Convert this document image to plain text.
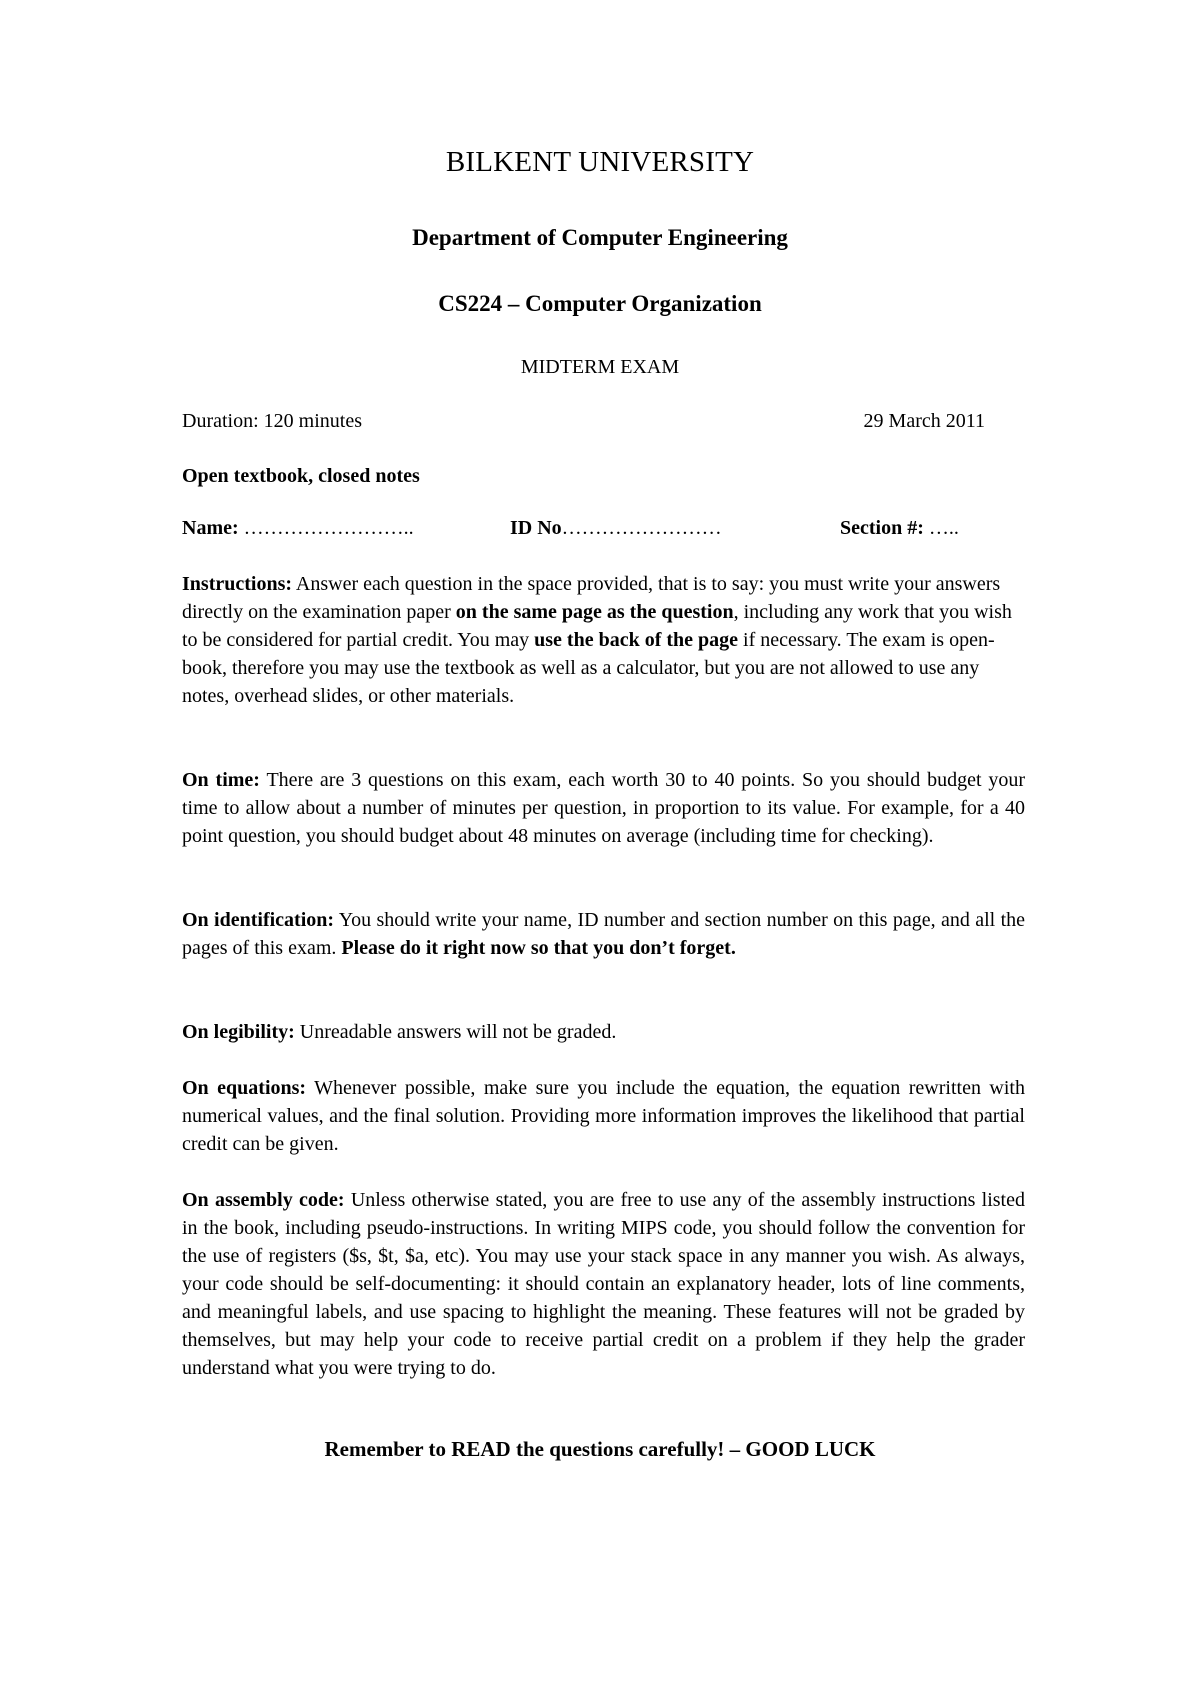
BILKENT UNIVERSITY
Department of Computer Engineering
CS224 – Computer Organization
MIDTERM EXAM
Duration: 120 minutes	29 March 2011
Open textbook, closed notes
Name: ……………………..	ID No……………………	Section #: …..
Instructions: Answer each question in the space provided, that is to say: you must write your answers directly on the examination paper on the same page as the question, including any work that you wish to be considered for partial credit. You may use the back of the page if necessary. The exam is open-book, therefore you may use the textbook as well as a calculator, but you are not allowed to use any notes, overhead slides, or other materials.
On time: There are 3 questions on this exam, each worth 30 to 40 points. So you should budget your time to allow about a number of minutes per question, in proportion to its value. For example, for a 40 point question, you should budget about 48 minutes on average (including time for checking).
On identification: You should write your name, ID number and section number on this page, and all the pages of this exam. Please do it right now so that you don’t forget.
On legibility: Unreadable answers will not be graded.
On equations: Whenever possible, make sure you include the equation, the equation rewritten with numerical values, and the final solution. Providing more information improves the likelihood that partial credit can be given.
On assembly code: Unless otherwise stated, you are free to use any of the assembly instructions listed in the book, including pseudo-instructions. In writing MIPS code, you should follow the convention for the use of registers ($s, $t, $a, etc). You may use your stack space in any manner you wish. As always, your code should be self-documenting: it should contain an explanatory header, lots of line comments, and meaningful labels, and use spacing to highlight the meaning. These features will not be graded by themselves, but may help your code to receive partial credit on a problem if they help the grader understand what you were trying to do.
Remember to READ the questions carefully! – GOOD LUCK
